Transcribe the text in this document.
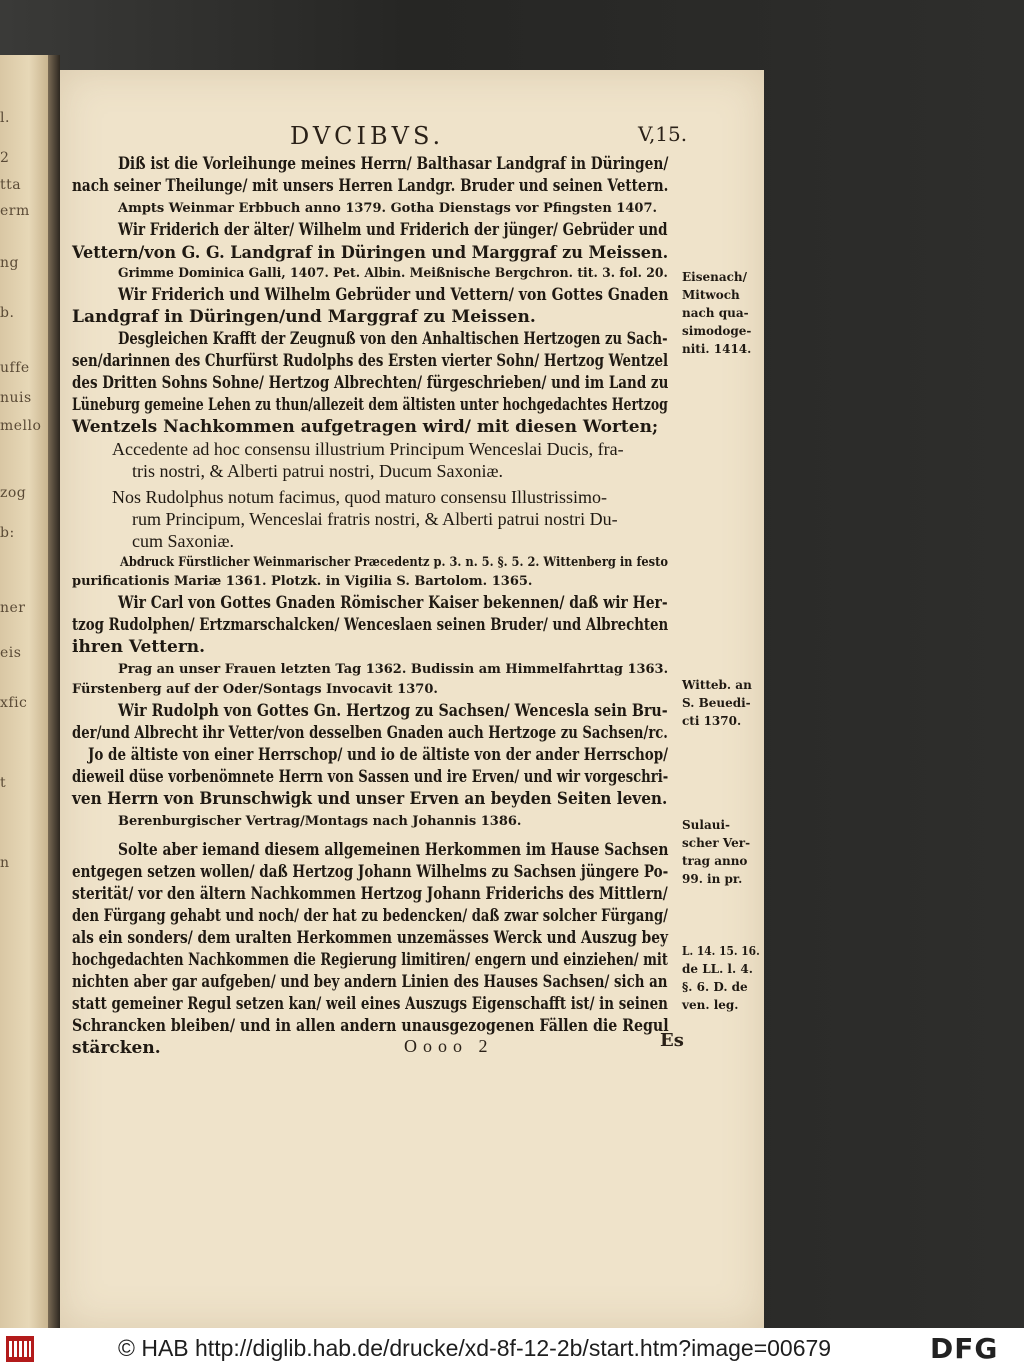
l.
2
tta
erm
ng
b.
uffe
nuis
mello
zog
b:
ner
eis
xfic
t
n
DVCIBVS.	V,15.
Diß ist die Vorleihunge meines Herrn/ Balthasar Landgraf in Düringen/
nach seiner Theilunge/ mit unsers Herren Landgr. Bruder und seinen Vettern.
Ampts Weinmar Erbbuch anno 1379. Gotha Dienstags vor Pfingsten 1407.
Wir Friderich der älter/ Wilhelm und Friderich der jünger/ Gebrüder und
Vettern/von G. G. Landgraf in Düringen und Marggraf zu Meissen.
Grimme Dominica Galli, 1407. Pet. Albin. Meißnische Bergchron. tit. 3. fol. 20.
Wir Friderich und Wilhelm Gebrüder und Vettern/ von Gottes Gnaden
Landgraf in Düringen/und Marggraf zu Meissen.
Desgleichen Krafft der Zeugnuß von den Anhaltischen Hertzogen zu Sach-
sen/darinnen des Churfürst Rudolphs des Ersten vierter Sohn/ Hertzog Wentzel
des Dritten Sohns Sohne/ Hertzog Albrechten/ fürgeschrieben/ und im Land zu
Lüneburg gemeine Lehen zu thun/allezeit dem ältisten unter hochgedachtes Hertzog
Wentzels Nachkommen aufgetragen wird/ mit diesen Worten;
Accedente ad hoc consensu illustrium Principum Wenceslai Ducis, fra-
tris nostri, & Alberti patrui nostri, Ducum Saxoniæ.
Nos Rudolphus notum facimus, quod maturo consensu Illustrissimo-
rum Principum, Wenceslai fratris nostri, & Alberti patrui nostri Du-
cum Saxoniæ.
Abdruck Fürstlicher Weinmarischer Præcedentz p. 3. n. 5. §. 5. 2. Wittenberg in festo
purificationis Mariæ 1361. Plotzk. in Vigilia S. Bartolom. 1365.
Wir Carl von Gottes Gnaden Römischer Kaiser bekennen/ daß wir Her-
tzog Rudolphen/ Ertzmarschalcken/ Wenceslaen seinen Bruder/ und Albrechten
ihren Vettern.
Prag an unser Frauen letzten Tag 1362. Budissin am Himmelfahrttag 1363.
Fürstenberg auf der Oder/Sontags Invocavit 1370.
Wir Rudolph von Gottes Gn. Hertzog zu Sachsen/ Wencesla sein Bru-
der/und Albrecht ihr Vetter/von desselben Gnaden auch Hertzoge zu Sachsen/rc.
Jo de ältiste von einer Herrschop/ und io de ältiste von der ander Herrschop/
dieweil düse vorbenömnete Herrn von Sassen und ire Erven/ und wir vorgeschri-
ven Herrn von Brunschwigk und unser Erven an beyden Seiten leven.
Berenburgischer Vertrag/Montags nach Johannis 1386.
Solte aber iemand diesem allgemeinen Herkommen im Hause Sachsen
entgegen setzen wollen/ daß Hertzog Johann Wilhelms zu Sachsen jüngere Po-
sterität/ vor den ältern Nachkommen Hertzog Johann Friderichs des Mittlern/
den Fürgang gehabt und noch/ der hat zu bedencken/ daß zwar solcher Fürgang/
als ein sonders/ dem uralten Herkommen unzemässes Werck und Auszug bey
hochgedachten Nachkommen die Regierung limitiren/ engern und einziehen/ mit
nichten aber gar aufgeben/ und bey andern Linien des Hauses Sachsen/ sich an
statt gemeiner Regul setzen kan/ weil eines Auszugs Eigenschafft ist/ in seinen
Schrancken bleiben/ und in allen andern unausgezogenen Fällen die Regul
stärcken.
Eisenach/
Mitwoch
nach qua-
simodoge-
niti. 1414.
Witteb. an
S. Beuedi-
cti 1370.
Sulaui-
scher Ver-
trag anno
99. in pr.
L. 14. 15. 16.
de LL. l. 4.
§. 6. D. de
ven. leg.
Oooo 2	Es
© HAB http://diglib.hab.de/drucke/xd-8f-12-2b/start.htm?image=00679	DFG
